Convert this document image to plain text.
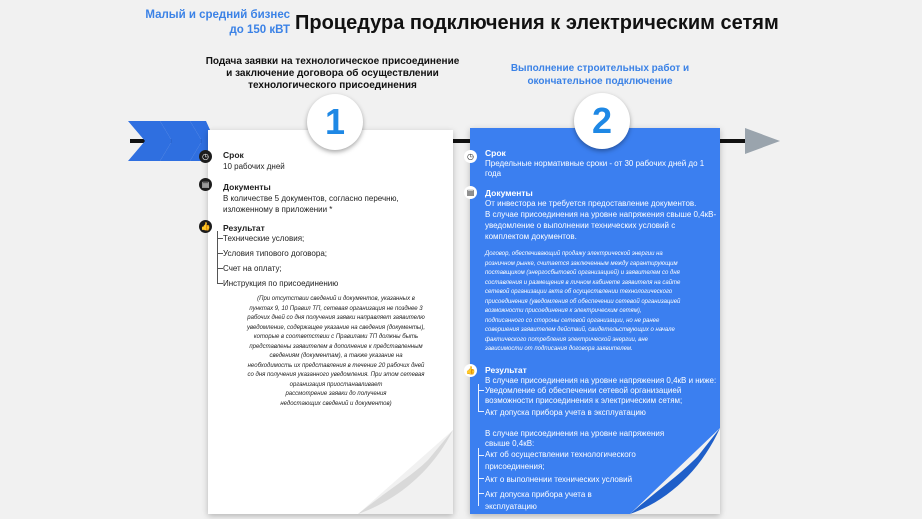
Малый и средний бизнес
до 150 кВТ Процедура подключения к электрическим сетям
Подача заявки на технологическое присоединение
и заключение договора об осуществлении
технологического присоединения
Выполнение строительных работ и
окончательное подключение
◷	Срок
10 рабочих дней
▤	Документы
В количестве 5 документов, согласно перечню,
изложенному в приложении *
👍 Результат
Технические условия;
Условия типового договора;
Счет на оплату;
Инструкция по присоединению
(При отсутствии сведений и документов, указанных в
пунктах 9, 10 Правил ТП, сетевая организация не позднее 3
рабочих дней со дня получения заявки направляет заявителю
уведомление, содержащее указание на сведения (документы),
которые в соответствии с Правилами ТП должны быть
представлены заявителем в дополнение к представленным
сведениям (документам), а также указание на
необходимость их представления в течение 20 рабочих дней
со дня получения указанного уведомления. При этом сетевая
организация приостанавливает
рассмотрение заявки до получения
недостающих сведений и документов)
◷	Срок
Предельные нормативные сроки - от 30 рабочих дней до 1
года
▤	Документы
От инвестора не требуется предоставление документов.
В случае присоединения на уровне напряжения свыше 0,4кВ-
уведомление о выполнении технических условий с
комплектом документов.
Договор, обеспечивающий продажу электрической энергии на
розничном рынке, считается заключенным между гарантирующим
поставщиком (энергосбытовой организацией) и заявителем со дня
составления и размещения в личном кабинете заявителя на сайте
сетевой организации акта об осуществлении технологического
присоединения (уведомления об обеспечении сетевой организацией
возможности присоединения к электрическим сетям),
подписанного со стороны сетевой организации, но не ранее
совершения заявителем действий, свидетельствующих о начале
фактического потребления электрической энергии, вне
зависимости от подписания договора заявителем.
👍 Результат
В случае присоединения на уровне напряжения 0,4кВ и ниже:
Уведомление об обеспечении сетевой организацией
возможности присоединения к электрическим сетям;
Акт допуска прибора учета в эксплуатацию
В случае присоединения на уровне напряжения
свыше 0,4кВ:
Акт об осуществлении технологического
присоединения;
Акт о выполнении технических условий
Акт допуска прибора учета в
эксплуатацию
1	2
